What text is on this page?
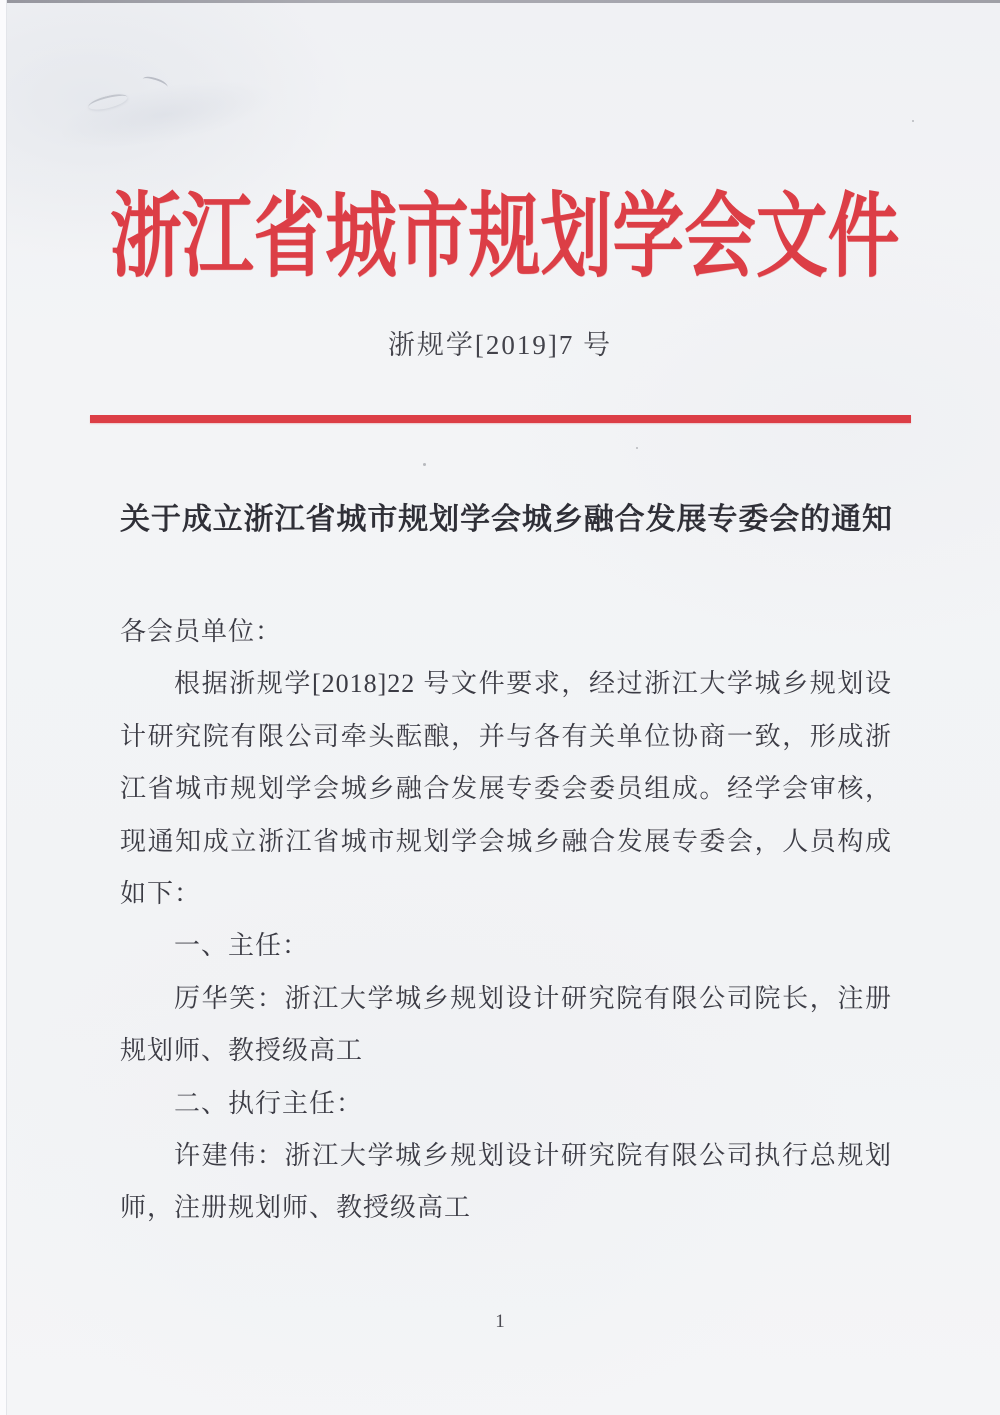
浙江省城市规划学会文件
浙规学[2019]7 号
关于成立浙江省城市规划学会城乡融合发展专委会的通知
各会员单位：
根据浙规学[2018]22 号文件要求，经过浙江大学城乡规划设
计研究院有限公司牵头酝酿，并与各有关单位协商一致，形成浙
江省城市规划学会城乡融合发展专委会委员组成。经学会审核，
现通知成立浙江省城市规划学会城乡融合发展专委会，人员构成
如下：
一、主任：
厉华笑：浙江大学城乡规划设计研究院有限公司院长，注册
规划师、教授级高工
二、执行主任：
许建伟：浙江大学城乡规划设计研究院有限公司执行总规划
师，注册规划师、教授级高工
1
